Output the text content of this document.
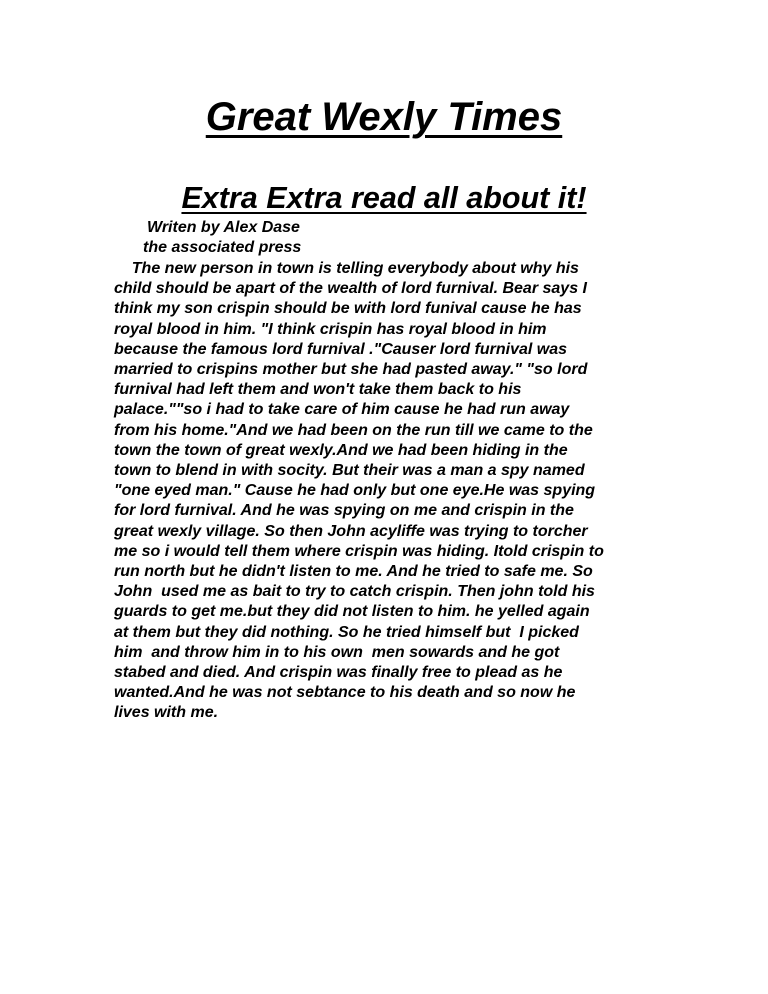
Great Wexly Times
Extra Extra read all about it!
Writen by Alex Dase
the associated press
The new person in town is telling everybody about why his
child should be apart of the wealth of lord furnival. Bear says I
think my son crispin should be with lord funival cause he has
royal blood in him. "I think crispin has royal blood in him
because the famous lord furnival ."Causer lord furnival was
married to crispins mother but she had pasted away." "so lord
furnival had left them and won't take them back to his
palace.""so i had to take care of him cause he had run away
from his home."And we had been on the run till we came to the
town the town of great wexly.And we had been hiding in the
town to blend in with socity. But their was a man a spy named
"one eyed man." Cause he had only but one eye.He was spying
for lord furnival. And he was spying on me and crispin in the
great wexly village. So then John acyliffe was trying to torcher
me so i would tell them where crispin was hiding. Itold crispin to
run north but he didn't listen to me. And he tried to safe me. So
John  used me as bait to try to catch crispin. Then john told his
guards to get me.but they did not listen to him. he yelled again
at them but they did nothing. So he tried himself but  I picked
him  and throw him in to his own  men sowards and he got
stabed and died. And crispin was finally free to plead as he
wanted.And he was not sebtance to his death and so now he
lives with me.
